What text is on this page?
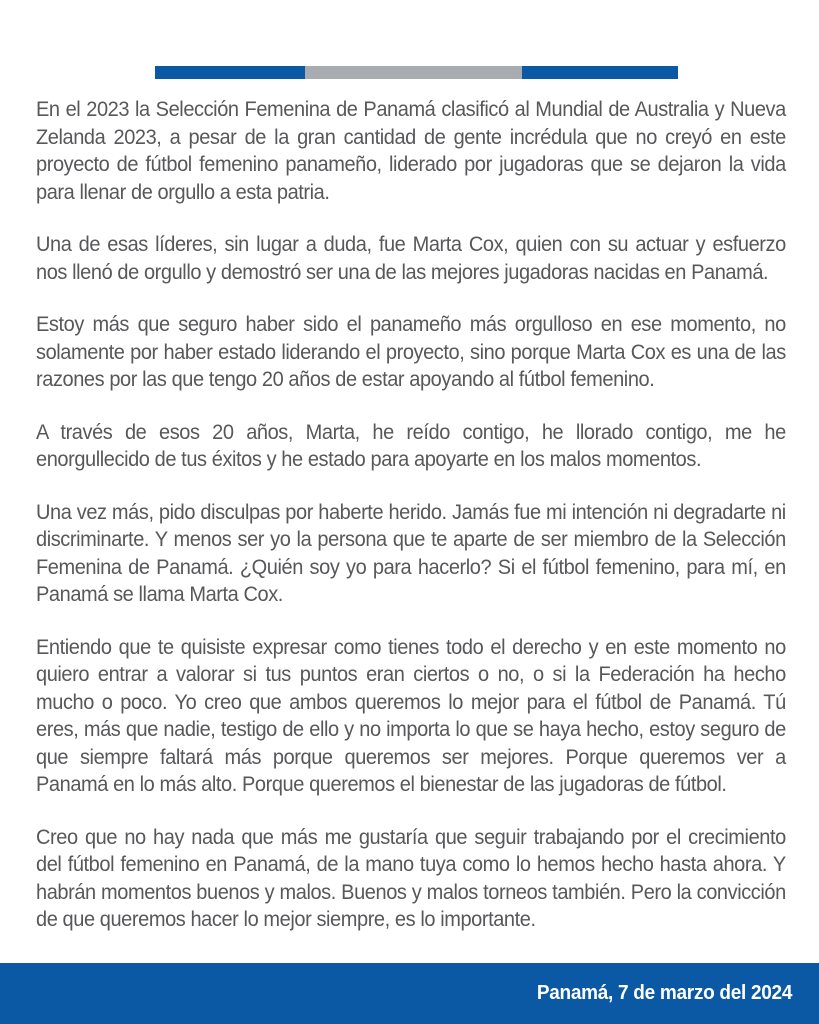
En el 2023 la Selección Femenina de Panamá clasificó al Mundial de Australia y Nueva Zelanda 2023, a pesar de la gran cantidad de gente incrédula que no creyó en este proyecto de fútbol femenino panameño, liderado por jugadoras que se dejaron la vida para llenar de orgullo a esta patria.

Una de esas líderes, sin lugar a duda, fue Marta Cox, quien con su actuar y esfuerzo nos llenó de orgullo y demostró ser una de las mejores jugadoras nacidas en Panamá.

Estoy más que seguro haber sido el panameño más orgulloso en ese momento, no solamente por haber estado liderando el proyecto, sino porque Marta Cox es una de las razones por las que tengo 20 años de estar apoyando al fútbol femenino.

A través de esos 20 años, Marta, he reído contigo, he llorado contigo, me he enorgullecido de tus éxitos y he estado para apoyarte en los malos momentos.

Una vez más, pido disculpas por haberte herido. Jamás fue mi intención ni degradarte ni discriminarte. Y menos ser yo la persona que te aparte de ser miembro de la Selección Femenina de Panamá. ¿Quién soy yo para hacerlo? Si el fútbol femenino, para mí, en Panamá se llama Marta Cox.

Entiendo que te quisiste expresar como tienes todo el derecho y en este momento no quiero entrar a valorar si tus puntos eran ciertos o no, o si la Federación ha hecho mucho o poco. Yo creo que ambos queremos lo mejor para el fútbol de Panamá. Tú eres, más que nadie, testigo de ello y no importa lo que se haya hecho, estoy seguro de que siempre faltará más porque queremos ser mejores. Porque queremos ver a Panamá en lo más alto. Porque queremos el bienestar de las jugadoras de fútbol.

Creo que no hay nada que más me gustaría que seguir trabajando por el crecimiento del fútbol femenino en Panamá, de la mano tuya como lo hemos hecho hasta ahora. Y habrán momentos buenos y malos. Buenos y malos torneos también. Pero la convicción de que queremos hacer lo mejor siempre, es lo importante.

Panamá, 7 de marzo del 2024
